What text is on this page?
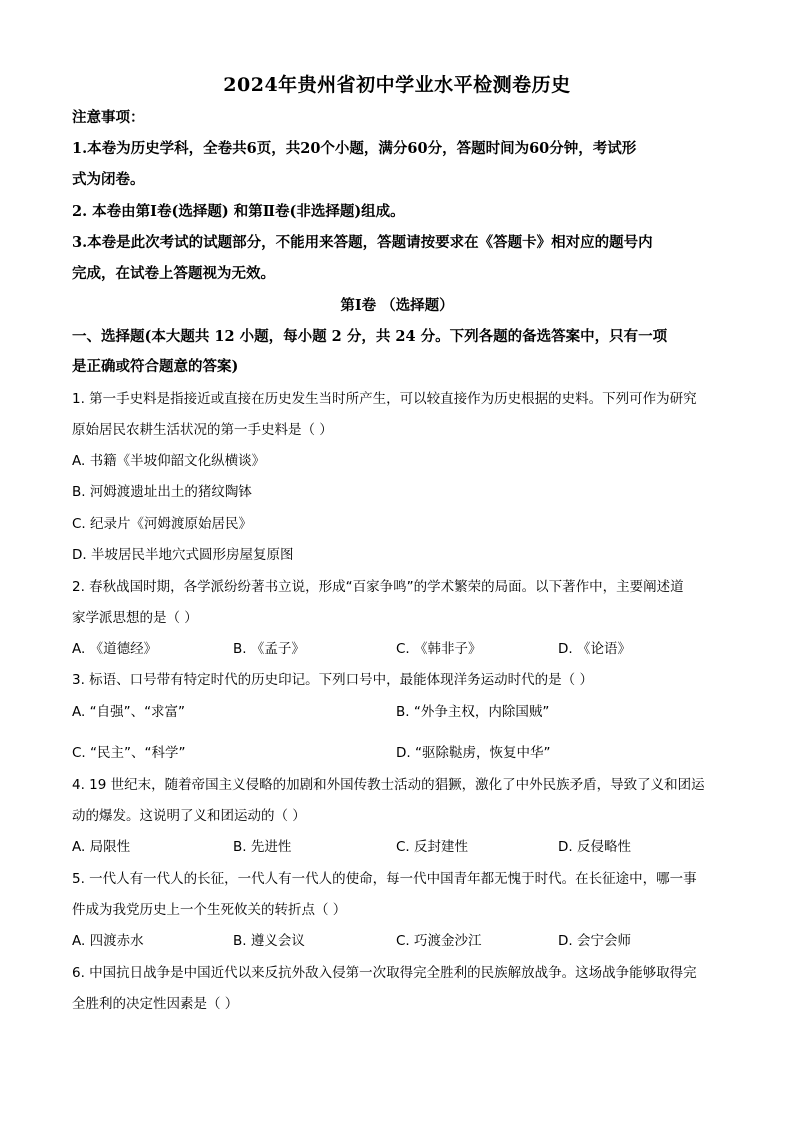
2024年贵州省初中学业水平检测卷历史
注意事项：
1.本卷为历史学科，全卷共6页，共20个小题，满分60分，答题时间为60分钟，考试形
式为闭卷。
2. 本卷由第Ⅰ卷(选择题) 和第Ⅱ卷(非选择题)组成。
3.本卷是此次考试的试题部分，不能用来答题，答题请按要求在《答题卡》相对应的题号内
完成，在试卷上答题视为无效。
第Ⅰ卷 （选择题）
一、选择题(本大题共 12 小题，每小题 2 分，共 24 分。下列各题的备选答案中，只有一项
是正确或符合题意的答案)
1. 第一手史料是指接近或直接在历史发生当时所产生，可以较直接作为历史根据的史料。下列可作为研究
原始居民农耕生活状况的第一手史料是（ ）
A. 书籍《半坡仰韶文化纵横谈》
B. 河姆渡遗址出土的猪纹陶钵
C. 纪录片《河姆渡原始居民》
D. 半坡居民半地穴式圆形房屋复原图
2. 春秋战国时期，各学派纷纷著书立说，形成“百家争鸣”的学术繁荣的局面。以下著作中，主要阐述道
家学派思想的是（ ）
A. 《道德经》	B. 《孟子》	C. 《韩非子》	D. 《论语》
3. 标语、口号带有特定时代的历史印记。下列口号中，最能体现洋务运动时代的是（ ）
A. “自强”、“求富”	B. “外争主权，内除国贼”
C. “民主”、“科学”	D. “驱除鞑虏，恢复中华”
4. 19 世纪末，随着帝国主义侵略的加剧和外国传教士活动的猖獗，激化了中外民族矛盾，导致了义和团运
动的爆发。这说明了义和团运动的（ ）
A. 局限性	B. 先进性	C. 反封建性	D. 反侵略性
5. 一代人有一代人的长征，一代人有一代人的使命，每一代中国青年都无愧于时代。在长征途中，哪一事
件成为我党历史上一个生死攸关的转折点（ ）
A. 四渡赤水	B. 遵义会议	C. 巧渡金沙江	D. 会宁会师
6. 中国抗日战争是中国近代以来反抗外敌入侵第一次取得完全胜利的民族解放战争。这场战争能够取得完
全胜利的决定性因素是（ ）
